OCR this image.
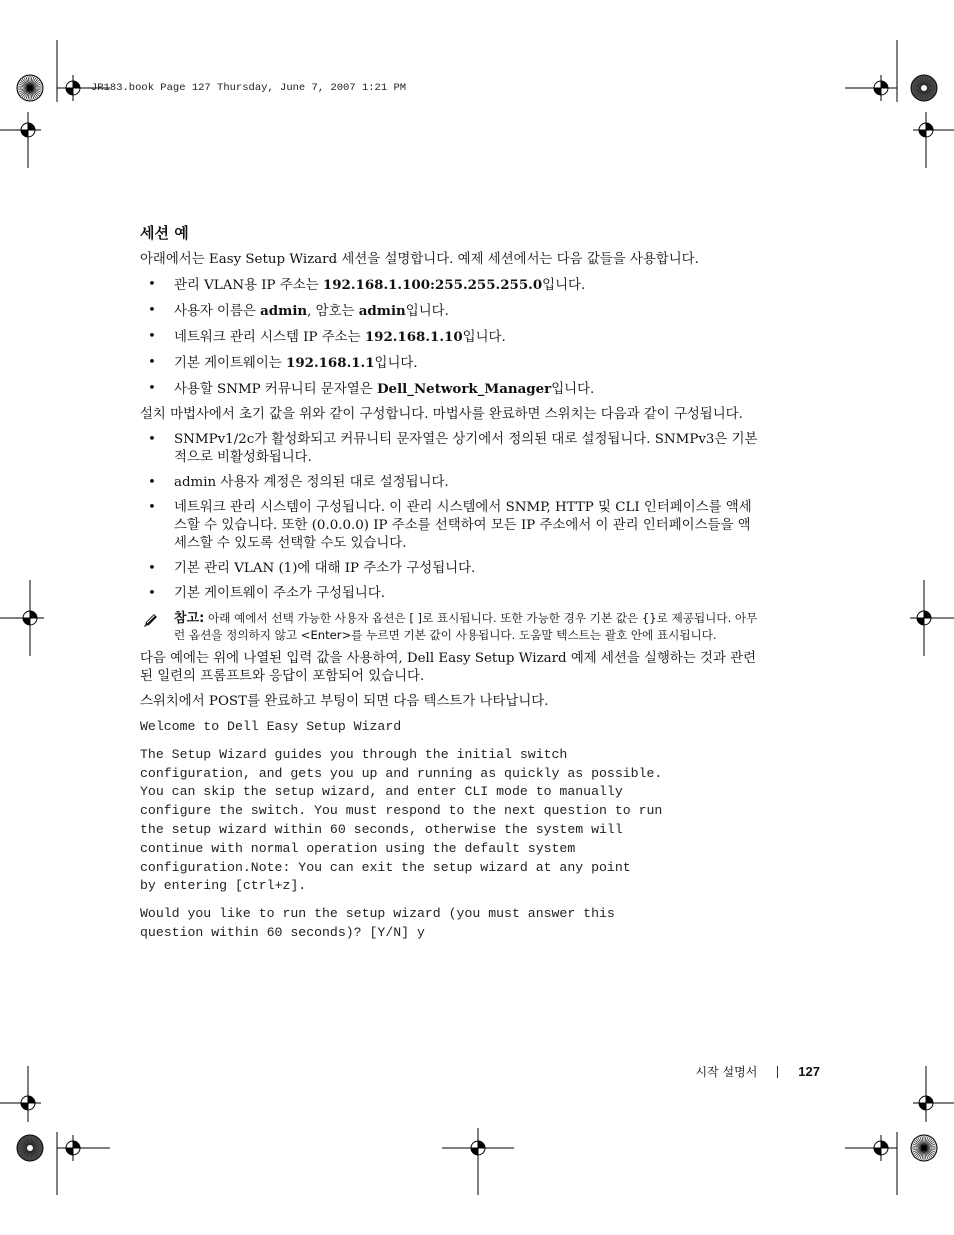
JR183.book Page 127 Thursday, June 7, 2007 1:21 PM
세션 예

아래에서는 Easy Setup Wizard 세션을 설명합니다. 예제 세션에서는 다음 값들을 사용합니다.

• 관리 VLAN용 IP 주소는 192.168.1.100:255.255.255.0입니다.
• 사용자 이름은 admin, 암호는 admin입니다.
• 네트워크 관리 시스템 IP 주소는 192.168.1.10입니다.
• 기본 게이트웨이는 192.168.1.1입니다.
• 사용할 SNMP 커뮤니티 문자열은 Dell_Network_Manager입니다.

설치 마법사에서 초기 값을 위와 같이 구성합니다. 마법사를 완료하면 스위치는 다음과 같이 구성됩니다.

• SNMPv1/2c가 활성화되고 커뮤니티 문자열은 상기에서 정의된 대로 설정됩니다. SNMPv3은 기본적으로 비활성화됩니다.
• admin 사용자 계정은 정의된 대로 설정됩니다.
• 네트워크 관리 시스템이 구성됩니다. 이 관리 시스템에서 SNMP, HTTP 및 CLI 인터페이스를 액세스할 수 있습니다. 또한 (0.0.0.0) IP 주소를 선택하여 모든 IP 주소에서 이 관리 인터페이스들을 액세스할 수 있도록 선택할 수도 있습니다.
• 기본 관리 VLAN (1)에 대해 IP 주소가 구성됩니다.
• 기본 게이트웨이 주소가 구성됩니다.
참고: 아래 예에서 선택 가능한 사용자 옵션은 [ ]로 표시됩니다. 또한 가능한 경우 기본 값은 {}로 제공됩니다. 아무런 옵션을 정의하지 않고 <Enter>를 누르면 기본 값이 사용됩니다. 도움말 텍스트는 괄호 안에 표시됩니다.

다음 예에는 위에 나열된 입력 값을 사용하여, Dell Easy Setup Wizard 예제 세션을 실행하는 것과 관련된 일련의 프롬프트와 응답이 포함되어 있습니다.

스위치에서 POST를 완료하고 부팅이 되면 다음 텍스트가 나타납니다.

Welcome to Dell Easy Setup Wizard
The Setup Wizard guides you through the initial switch
configuration, and gets you up and running as quickly as possible.
You can skip the setup wizard, and enter CLI mode to manually
configure the switch. You must respond to the next question to run
the setup wizard within 60 seconds, otherwise the system will
continue with normal operation using the default system
configuration.Note: You can exit the setup wizard at any point
by entering [ctrl+z].
Would you like to run the setup wizard (you must answer this
question within 60 seconds)? [Y/N] y
시작 설명서	127
